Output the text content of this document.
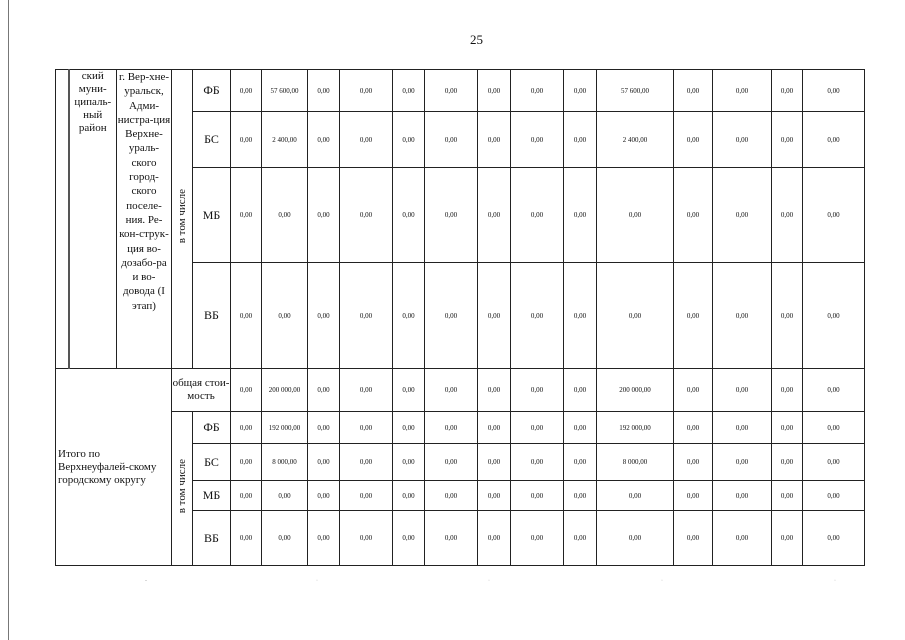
25
	ский муни-ципаль-ный район	г. Вер-хне-уральск, Адми-нистра-ция Верхне-ураль-ского город-ского поселе-ния. Ре-кон-струк-ция во-дозабо-ра и во-довода (I этап)	в том числе	ФБ	0,00	57 600,00	0,00	0,00	0,00	0,00	0,00	0,00	0,00	57 600,00	0,00	0,00	0,00	0,00
				БС	0,00	2 400,00	0,00	0,00	0,00	0,00	0,00	0,00	0,00	2 400,00	0,00	0,00	0,00	0,00
				МБ	0,00	0,00	0,00	0,00	0,00	0,00	0,00	0,00	0,00	0,00	0,00	0,00	0,00	0,00
				ВБ	0,00	0,00	0,00	0,00	0,00	0,00	0,00	0,00	0,00	0,00	0,00	0,00	0,00	0,00
Итого по Верхнеуфалей-скому городскому округу			общая стои-мость		0,00	200 000,00	0,00	0,00	0,00	0,00	0,00	0,00	0,00	200 000,00	0,00	0,00	0,00	0,00
			в том числе	ФБ	0,00	192 000,00	0,00	0,00	0,00	0,00	0,00	0,00	0,00	192 000,00	0,00	0,00	0,00	0,00
				БС	0,00	8 000,00	0,00	0,00	0,00	0,00	0,00	0,00	0,00	8 000,00	0,00	0,00	0,00	0,00
				МБ	0,00	0,00	0,00	0,00	0,00	0,00	0,00	0,00	0,00	0,00	0,00	0,00	0,00	0,00
				ВБ	0,00	0,00	0,00	0,00	0,00	0,00	0,00	0,00	0,00	0,00	0,00	0,00	0,00	0,00
-	·	·	·	·
